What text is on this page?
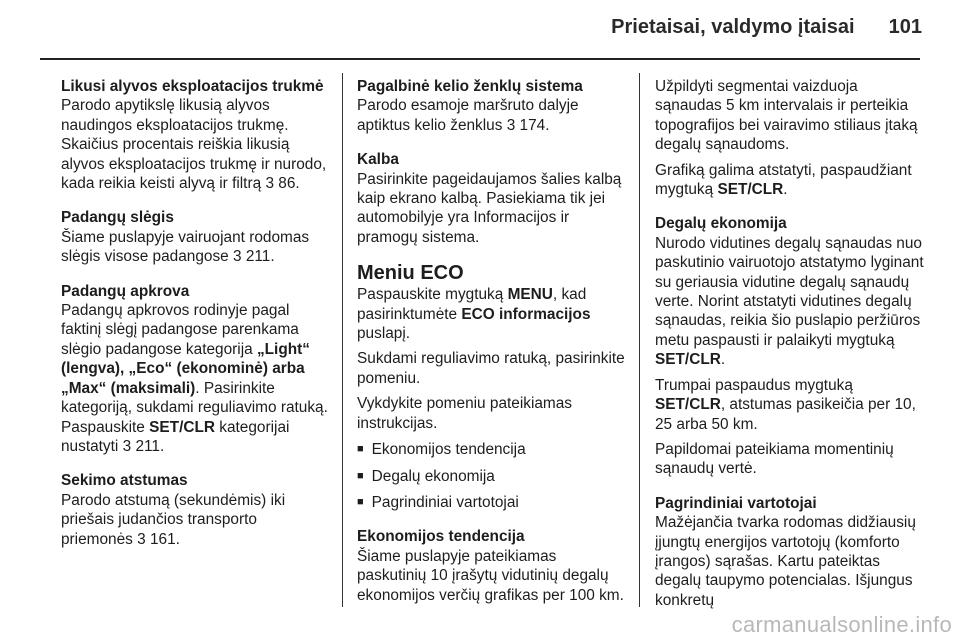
Prietaisai, valdymo įtaisai 101
Likusi alyvos eksploatacijos trukmė
Parodo apytikslę likusią alyvos naudingos eksploatacijos trukmę. Skaičius procentais reiškia likusią alyvos eksploatacijos trukmę ir nurodo, kada reikia keisti alyvą ir filtrą 3 86.
Padangų slėgis
Šiame puslapyje vairuojant rodomas slėgis visose padangose 3 211.
Padangų apkrova
Padangų apkrovos rodinyje pagal faktinį slėgį padangose parenkama slėgio padangose kategorija „Light“ (lengva), „Eco“ (ekonominė) arba „Max“ (maksimali). Pasirinkite kategoriją, sukdami reguliavimo ratuką. Paspauskite SET/CLR kategorijai nustatyti 3 211.
Sekimo atstumas
Parodo atstumą (sekundėmis) iki priešais judančios transporto priemonės 3 161.
Pagalbinė kelio ženklų sistema
Parodo esamoje maršruto dalyje aptiktus kelio ženklus 3 174.
Kalba
Pasirinkite pageidaujamos šalies kalbą kaip ekrano kalbą. Pasiekiama tik jei automobilyje yra Informacijos ir pramogų sistema.
Meniu ECO
Paspauskite mygtuką MENU, kad pasirinktumėte ECO informacijos puslapį.
Sukdami reguliavimo ratuką, pasirinkite pomeniu.
Vykdykite pomeniu pateikiamas instrukcijas.
■ Ekonomijos tendencija
■ Degalų ekonomija
■ Pagrindiniai vartotojai
Ekonomijos tendencija
Šiame puslapyje pateikiamas paskutinių 10 įrašytų vidutinių degalų ekonomijos verčių grafikas per 100 km.
Užpildyti segmentai vaizduoja sąnaudas 5 km intervalais ir perteikia topografijos bei vairavimo stiliaus įtaką degalų sąnaudoms.
Grafiką galima atstatyti, paspaudžiant mygtuką SET/CLR.
Degalų ekonomija
Nurodo vidutines degalų sąnaudas nuo paskutinio vairuotojo atstatymo lyginant su geriausia vidutine degalų sąnaudų verte. Norint atstatyti vidutines degalų sąnaudas, reikia šio puslapio peržiūros metu paspausti ir palaikyti mygtuką SET/CLR.
Trumpai paspaudus mygtuką SET/CLR, atstumas pasikeičia per 10, 25 arba 50 km.
Papildomai pateikiama momentinių sąnaudų vertė.
Pagrindiniai vartotojai
Mažėjančia tvarka rodomas didžiausių įjungtų energijos vartotojų (komforto įrangos) sąrašas. Kartu pateiktas degalų taupymo potencialas. Išjungus konkretų
carmanualsonline.info
